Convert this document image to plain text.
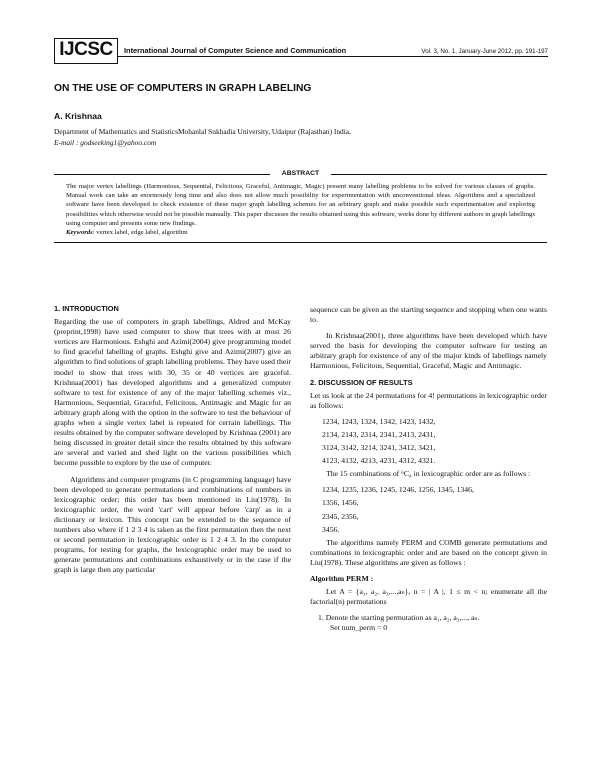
IJCSC	International Journal of Computer Science and Communication	Vol. 3, No. 1, January-June 2012, pp. 191-197
ON THE USE OF COMPUTERS IN GRAPH LABELING
A. Krishnaa
Department of Mathematics and StatisticsMohanlal Sukhadia University, Udaipur (Rajasthan) India,
E-mail : godseeking1@yahoo.com
ABSTRACT
The major vertex labellings (Harmonious, Sequential, Felicitous, Graceful, Antimagic, Magic) present many labelling problems to be solved for various classes of graphs. Manual work can take an enormously long time and also does not allow much possibility for experimentation with unconventional ideas. Algorithms and a specialized software have been developed to check existence of these major graph labelling schemes for an arbitrary graph and make possible such experimentation and exploring possibilities which otherwise would not be possible manually. This paper discusses the results obtained using this software, works done by different authors in graph labellings using computer and presents some new findings.
Keywords: vertex label, edge label, algorithm
1. INTRODUCTION

Regarding the use of computers in graph labellings, Aldred and McKay (preprint,1998) have used computer to show that trees with at most 26 vertices are Harmonious. Eshghi and Azimi(2004) give programming model to find graceful labelling of graphs. Eshghi give and Azimi(2007) give an algorithm to find solutions of graph labelling problems. They have used their model to show that trees with 30, 35 or 40 vertices are graceful. Krishnaa(2001) has developed algorithms and a generalized computer software to test for existence of any of the major labelling schemes viz., Harmonious, Sequential, Graceful, Felicitous, Antimagic and Magic for an arbitrary graph along with the option in the software to test the behaviour of graphs when a single vertex label is repeated for cerrain labellings. The results obtained by the computer software developed by Krishnaa (2001) are being discussed in greater detail since the results obtained by this software are several and varied and shed light on the various possibilities which become possible to explore by the use of computer.

Algorithms and computer programs (in C programming language) have been developed to generate permutations and combinations of numbers in lexicographic order; this order has been mentioned in Liu(1978). In lexicographic order, the word 'cart' will appear before 'carp' as in a dictionary or lexicon. This concept can be extended to the sequence of numbers also where if 1 2 3 4 is taken as the first permutation then the next or second permutation in lexicographic order is 1 2 4 3. In the computer programs, for testing for graphs, the lexicographic order may be used to generate permutations and combinations exhaustively or in the case if the graph is large then any particular

sequence can be given as the starting sequence and stopping when one wants to.

In Krishnaa(2001), three algorithms have been developed which have served the basis for developing the computer software for testing an arbitrary graph for existence of any of the major kinds of labellings namely Harmonious, Felicitous, Sequential, Graceful, Magic and Antimagic.

2. DISCUSSION OF RESULTS

Let us look at the 24 permutations for 4! permutations in lexicographic order as follows:

1234, 1243, 1324, 1342, 1423, 1432,
2134, 2143, 2314, 2341, 2413, 2431,
3124, 3142, 3214, 3241, 3412, 3421,
4123, 4132, 4213, 4231, 4312, 4321.

The 15 combinations of ⁶C₄ in lexicographic order are as follows :

1234, 1235, 1236, 1245, 1246, 1256, 1345, 1346,
1356, 1456,
2345, 2356,
3456.

The algorithms namely PERM and COMB generate permutations and combinations in lexicographic order and are based on the concept given in Liu(1978). These algorithms are given as follows :

Algorithm PERM :

Let A = {a₁, a₂, a₃,...,aₙ}, n = | A |, 1 ≤ m < n; enumerate all the factorial(n) permutations

1. Denote the starting permutation as a₁, a₂, a₃,..., aₙ.
Set num_perm = 0
